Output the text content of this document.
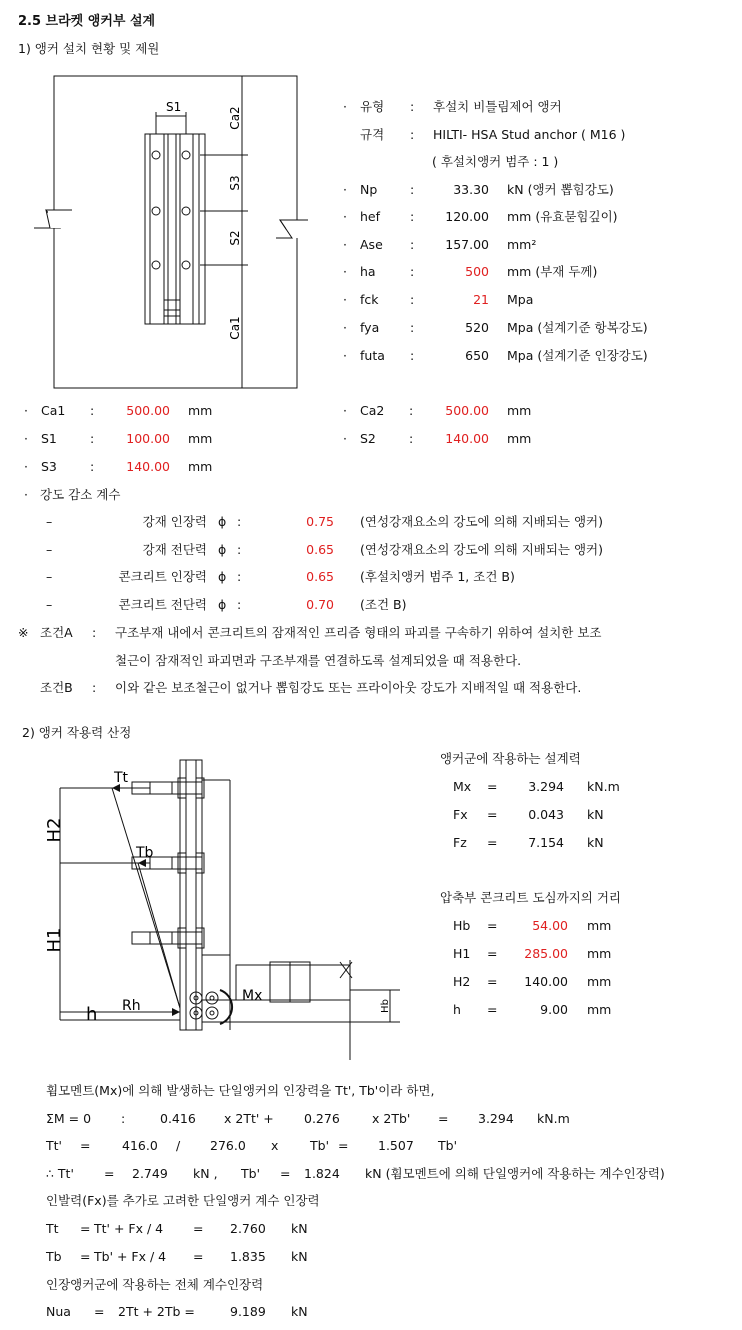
2.5 브라켓 앵커부 설계
1) 앵커 설치 현황 및 제원
S1	Ca2
S3
S2
Ca1
· 유형 : 후설치 비틀림제어 앵커
규격 : HILTI- HSA Stud anchor ( M16 )
( 후설치앵커 범주 : 1 )
· Np	:	33.30 kN (앵커 뽑힘강도)
· hef : 120.00 mm (유효묻힘깊이)
· Ase : 157.00 mm²
· ha	:	500 mm (부재 두께)
· fck	:	21 Mpa
· fya :	520 Mpa (설계기준 항복강도)
· futa :	650 Mpa (설계기준 인장강도)
· Ca1 :	500.00 mm
· S1	:	100.00 mm
· S3	:	140.00 mm
· Ca2 :	500.00 mm
· S2	:	140.00 mm
· 강도 감소 계수
–	강재 인장력 ϕ :	0.75 (연성강재요소의 강도에 의해 지배되는 앵커)
–	강재 전단력 ϕ :	0.65 (연성강재요소의 강도에 의해 지배되는 앵커)
–	콘크리트 인장력 ϕ :	0.65 (후설치앵커 범주 1, 조건 B)
–	콘크리트 전단력 ϕ :	0.70 (조건 B)
※ 조건A : 구조부재 내에서 콘크리트의 잠재적인 프리즘 형태의 파괴를 구속하기 위하여 설치한 보조
철근이 잠재적인 파괴면과 구조부재를 연결하도록 설계되었을 때 적용한다.
조건B : 이와 같은 보조철근이 없거나 뽑힘강도 또는 프라이아웃 강도가 지배적일 때 적용한다.
2) 앵커 작용력 산정
Tt
Tb
H2
H1
h Rh
Mx
Hb
앵커군에 작용하는 설계력
Mx = 3.294 kN.m
Fx = 0.043 kN
Fz = 7.154 kN
압축부 콘크리트 도심까지의 거리
Hb =	54.00 mm
H1 = 285.00 mm
H2 = 140.00 mm
h =	9.00 mm
휨모멘트(Mx)에 의해 발생하는 단일앵커의 인장력을 Tt', Tb'이라 하면,
ΣM = 0 :	0.416 x 2Tt' + 0.276	x 2Tb' = 3.294 kN.m
Tt' =	416.0 / 276.0 x	Tb' = 1.507 Tb'
∴ Tt' = 2.749 kN , Tb' = 1.824 kN (휨모멘트에 의해 단일앵커에 작용하는 계수인장력)
인발력(Fx)를 추가로 고려한 단일앵커 계수 인장력
Tt = Tt' + Fx / 4 = 2.760 kN
Tb = Tb' + Fx / 4 = 1.835 kN
인장앵커군에 작용하는 전체 계수인장력
Nua = 2Tt + 2Tb =	9.189 kN
